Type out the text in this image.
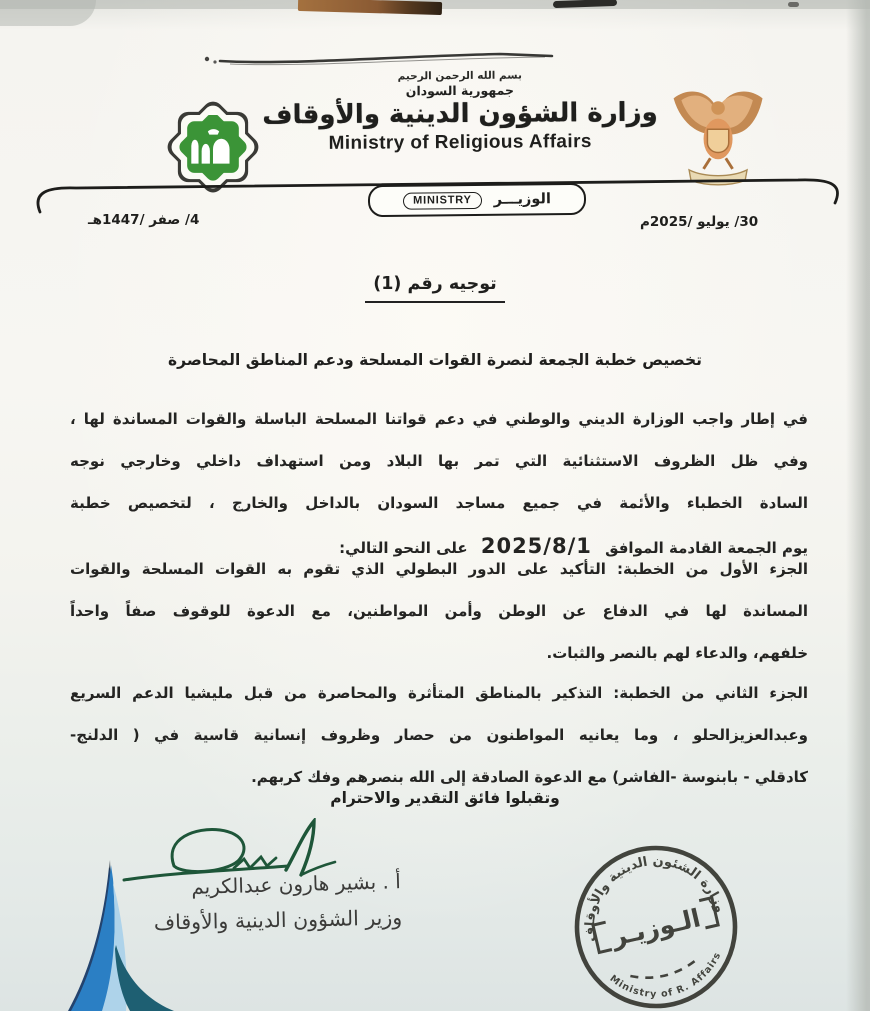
بسم الله الرحمن الرحيم
جمهورية السودان
وزارة الشؤون الدينية والأوقاف
Ministry of Religious Affairs
الوزيـــر
MINISTRY
4/ صفر /1447هـ	30/ يوليو /2025م
توجيه رقم (1)
تخصيص خطبة الجمعة لنصرة القوات المسلحة ودعم المناطق المحاصرة
في إطار واجب الوزارة الديني والوطني في دعم قواتنا المسلحة الباسلة والقوات المساندة لها ،
وفي ظل الظروف الاستثنائية التي تمر بها البلاد ومن استهداف داخلي وخارجي نوجه
السادة الخطباء والأئمة في جميع مساجد السودان بالداخل والخارج ، لتخصيص خطبة
يوم الجمعة القادمة الموافق 2025/8/1 على النحو التالي:
الجزء الأول من الخطبة: التأكيد على الدور البطولي الذي تقوم به القوات المسلحة والقوات
المساندة لها في الدفاع عن الوطن وأمن المواطنين، مع الدعوة للوقوف صفاً واحداً
خلفهم، والدعاء لهم بالنصر والثبات.
الجزء الثاني من الخطبة: التذكير بالمناطق المتأثرة والمحاصرة من قبل مليشيا الدعم السريع
وعبدالعزيزالحلو ، وما يعانيه المواطنون من حصار وظروف إنسانية قاسية في ( الدلنج-
كادقلي - بابنوسة -الفاشر) مع الدعوة الصادقة إلى الله بنصرهم وفك كربهم.
وتقبلوا فائق التقدير والاحترام
أ . بشير هارون عبدالكريم
وزير الشؤون الدينية والأوقاف	وزارة الشئون الدينية والأوقاف
Ministry of R. Affairs
الـوزيـر
